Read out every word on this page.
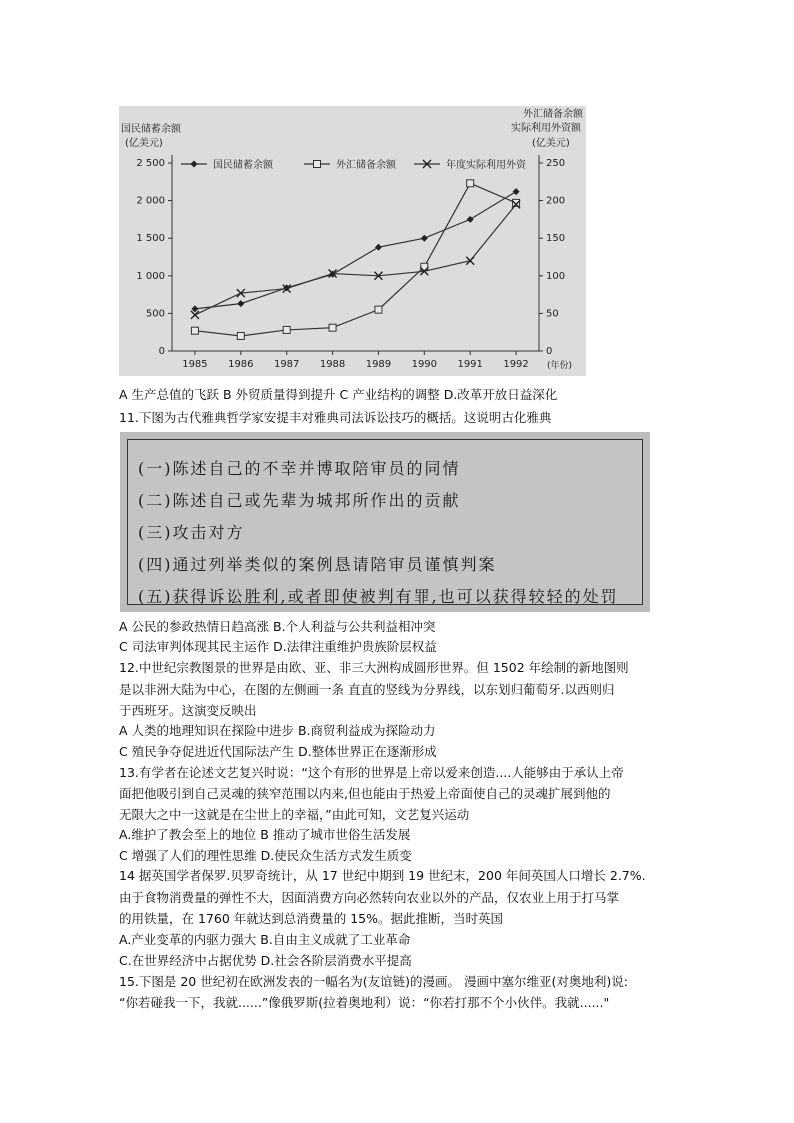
国民储蓄余额
(亿美元)
外汇储备余额
实际利用外资额
(亿美元)
(年份)
0
500
1 000
1 500
2 000
2 500
0
50
100
150
200
250
1985 1986 1987 1988 1989 1990 1991 1992
国民储蓄余额	外汇储备余额	年度实际利用外资
A 生产总值的飞跃 B 外贸质量得到提升 C 产业结构的调整 D.改革开放日益深化
11.下图为古代雅典哲学家安提丰对雅典司法诉讼技巧的概括。这说明古化雅典
(一)陈述自己的不幸并博取陪审员的同情
(二)陈述自己或先辈为城邦所作出的贡献
(三)攻击对方
(四)通过列举类似的案例恳请陪审员谨慎判案
(五)获得诉讼胜利,或者即使被判有罪,也可以获得较轻的处罚
A 公民的参政热情日趋高涨 B.个人利益与公共利益相冲突
C 司法审判体现其民主运作 D.法律注重维护贵族阶层权益
12.中世纪宗教图景的世界是由欧、亚、非三大洲构成圆形世界。但 1502 年绘制的新地图则
是以非洲大陆为中心，在图的左侧画一条 直直的竖线为分界线，以东划归葡萄牙.以西则归
于西班牙。这演变反映出
A 人类的地理知识在探险中进步 B.商贸利益成为探险动力
C 殖民争夺促进近代国际法产生 D.整体世界正在逐渐形成
13.有学者在论述文艺复兴时说：“这个有形的世界是上帝以爱来创造....人能够由于承认上帝
面把他吸引到自己灵魂的狭窄范围以内来,但也能由于热爱上帝面使自己的灵魂扩展到他的
无限大之中一这就是在尘世上的幸福，”由此可知，文艺复兴运动
A.维护了教会至上的地位 B 推动了城市世俗生活发展
C 增强了人们的理性思维 D.使民众生活方式发生质变
14 据英国学者保罗.贝罗奇统计，从 17 世纪中期到 19 世纪末，200 年间英国人口增长 2.7%.
由于食物消费量的弹性不大，因面消费方向必然转向农业以外的产品，仅农业上用于打马掌
的用铁量，在 1760 年就达到总消费量的 15%。据此推断，当时英国
A.产业变革的内驱力强大 B.自由主义成就了工业革命
C.在世界经济中占据优势 D.社会各阶层消费水平提高
15.下图是 20 世纪初在欧洲发表的一幅名为(友谊链)的漫画。 漫画中塞尔维亚(对奥地利)说:
“你若碰我一下，我就......”像俄罗斯(拉着奥地利）说：“你若打那不个小伙伴。我就......"
